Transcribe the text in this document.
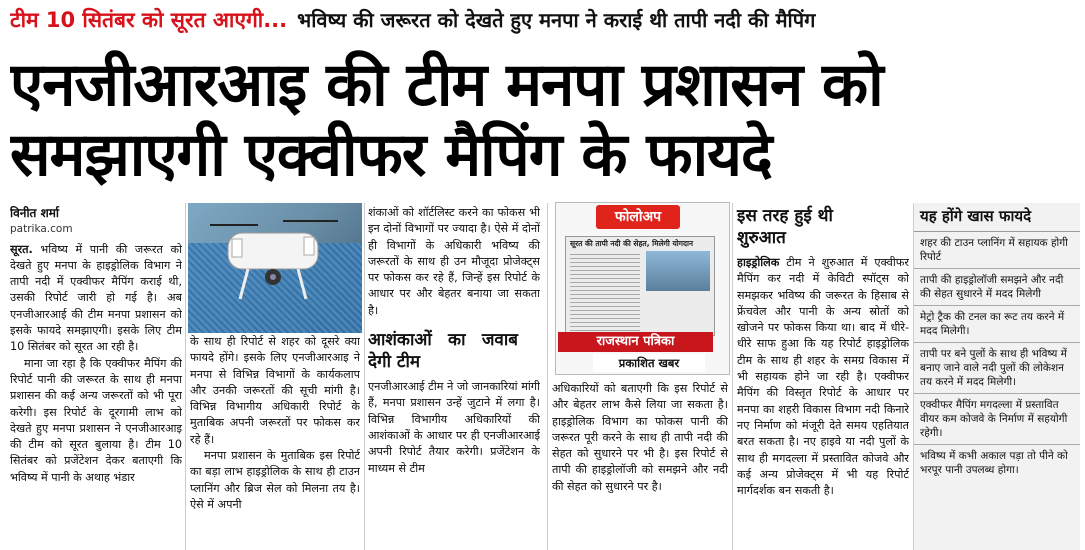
टीम 10 सितंबर को सूरत आएगी... भविष्य की जरूरत को देखते हुए मनपा ने कराई थी तापी नदी की मैपिंग
एनजीआरआइ की टीम मनपा प्रशासन को
समझाएगी एक्वीफर मैपिंग के फायदे
विनीत शर्मा
patrika.com

सूरत. भविष्य में पानी की जरूरत को देखते हुए मनपा के हाइड्रोलिक विभाग ने तापी नदी में एक्वीफर मैपिंग कराई थी, उसकी रिपोर्ट जारी हो गई है। अब एनजीआरआई की टीम मनपा प्रशासन को इसके फायदे समझाएगी। इसके लिए टीम 10 सितंबर को सूरत आ रही है।

माना जा रहा है कि एक्वीफर मैपिंग की रिपोर्ट पानी की जरूरत के साथ ही मनपा प्रशासन की कई अन्य जरूरतों को भी पूरा करेगी। इस रिपोर्ट के दूरगामी लाभ को देखते हुए मनपा प्रशासन ने एनजीआरआइ की टीम को सूरत बुलाया है। टीम 10 सितंबर को प्रजेंटेशन देकर बताएगी कि भविष्य में पानी के अथाह भंडार

के साथ ही रिपोर्ट से शहर को दूसरे क्या फायदे होंगे। इसके लिए एनजीआरआइ ने मनपा से विभिन्न विभागों के कार्यकलाप और उनकी जरूरतों की सूची मांगी है। विभिन्न विभागीय अधिकारी रिपोर्ट के मुताबिक अपनी जरूरतों पर फोकस कर रहे हैं।

मनपा प्रशासन के मुताबिक इस रिपोर्ट का बड़ा लाभ हाइड्रोलिक के साथ ही टाउन प्लानिंग और ब्रिज सेल को मिलना तय है। ऐसे में अपनी

शंकाओं को शॉर्टलिस्ट करने का फोकस भी इन दोनों विभागों पर ज्यादा है। ऐसे में दोनों ही विभागों के अधिकारी भविष्य की जरूरतों के साथ ही उन मौजूदा प्रोजेक्ट्स पर फोकस कर रहे हैं, जिन्हें इस रिपोर्ट के आधार पर और बेहतर बनाया जा सकता है।

आशंकाओं का जवाब देगी टीम

एनजीआरआई टीम ने जो जानकारियां मांगी हैं, मनपा प्रशासन उन्हें जुटाने में लगा है। विभिन्न विभागीय अधिकारियों की आशंकाओं के आधार पर ही एनजीआरआई अपनी रिपोर्ट तैयार करेगी। प्रजेंटेशन के माध्यम से टीम

सूरत की तापी नदी की सेहत, मिलेगी योगदान
फोलोअप
राजस्थान पत्रिका
प्रकाशित खबर

अधिकारियों को बताएगी कि इस रिपोर्ट से और बेहतर लाभ कैसे लिया जा सकता है। हाइड्रोलिक विभाग का फोकस पानी की जरूरत पूरी करने के साथ ही तापी नदी की सेहत को सुधारने पर भी है। इस रिपोर्ट से तापी की हाइड्रोलॉजी को समझने और नदी की सेहत को सुधारने पर है।

इस तरह हुई थी शुरुआत

हाइड्रोलिक टीम ने शुरुआत में एक्वीफर मैपिंग कर नदी में केविटी स्पॉट्स को समझकर भविष्य की जरूरत के हिसाब से फ्रेंचवेल और पानी के अन्य स्रोतों को खोजने पर फोकस किया था। बाद में धीरे-धीरे साफ हुआ कि यह रिपोर्ट हाइड्रोलिक टीम के साथ ही शहर के समग्र विकास में भी सहायक होने जा रही है। एक्वीफर मैपिंग की विस्तृत रिपोर्ट के आधार पर मनपा का शहरी विकास विभाग नदी किनारे नए निर्माण को मंजूरी देते समय एहतियात बरत सकता है। नए हाइवे या नदी पुलों के साथ ही मगदल्ला में प्रस्तावित कोजवे और कई अन्य प्रोजेक्ट्स में भी यह रिपोर्ट मार्गदर्शक बन सकती है।

यह होंगे खास फायदे
शहर की टाउन प्लानिंग में सहायक होगी रिपोर्ट
तापी की हाइड्रोलॉजी समझने और नदी की सेहत सुधारने में मदद मिलेगी
मेट्रो ट्रैक की टनल का रूट तय करने में मदद मिलेगी।
तापी पर बने पुलों के साथ ही भविष्य में बनाए जाने वाले नदी पुलों की लोकेशन तय करने में मदद मिलेगी।
एक्वीफर मैपिंग मगदल्ला में प्रस्तावित वीयर कम कोजवे के निर्माण में सहयोगी रहेगी।
भविष्य में कभी अकाल पड़ा तो पीने को भरपूर पानी उपलब्ध होगा।
